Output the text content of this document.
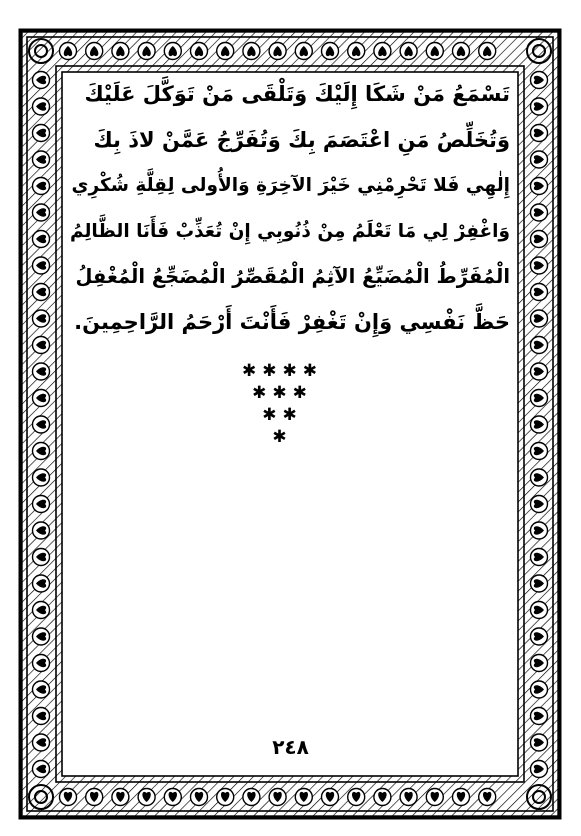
تَسْمَعُ مَنْ شَكَا إِلَيْكَ وَتَلْقَى مَنْ تَوَكَّلَ عَلَيْكَ
وَتُخَلِّصُ مَنِ اعْتَصَمَ بِكَ وَتُفَرِّجُ عَمَّنْ لاذَ بِكَ
إِلٰهِي فَلا تَحْرِمْنِي خَيْرَ الآخِرَةِ وَالأُولى لِقِلَّةِ شُكْرِي
وَاغْفِرْ لِي مَا تَعْلَمُ مِنْ ذُنُوبِي إِنْ تُعَذِّبْ فَأَنَا الظَّالِمُ
الْمُفَرِّطُ الْمُضَيِّعُ الآثِمُ الْمُقَصِّرُ الْمُضَجِّعُ الْمُغْفِلُ
حَظَّ نَفْسِي وَإِنْ تَغْفِرْ فَأَنْتَ أَرْحَمُ الرَّاحِمِينَ.
✱✱✱✱
✱✱✱
✱✱
✱
٢٤٨
